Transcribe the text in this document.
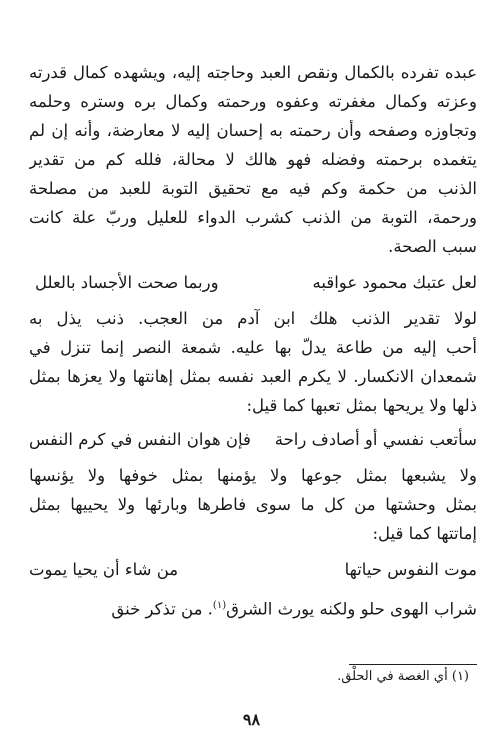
عبده تفرده بالكمال ونقص العبد وحاجته إليه، ويشهده كمال قدرته
وعزته وكمال مغفرته وعفوه ورحمته وكمال بره وستره وحلمه
وتجاوزه وصفحه وأن رحمته به إحسان إليه لا معارضة، وأنه إن لم
يتغمده برحمته وفضله فهو هالك لا محالة، فلله كم من تقدير
الذنب من حكمة وكم فيه مع تحقيق التوبة للعبد من مصلحة
ورحمة، التوبة من الذنب كشرب الدواء للعليل وربّ علة كانت
سبب الصحة.
لعل عتبك محمود عواقبه
وربما صحت الأجساد بالعلل
لولا تقدير الذنب هلك ابن آدم من العجب. ذنب يذل به
أحب إليه من طاعة يدلّ بها عليه. شمعة النصر إنما تنزل في
شمعدان الانكسار. لا يكرم العبد نفسه بمثل إهانتها ولا يعزها بمثل
ذلها ولا يريحها بمثل تعبها كما قيل:
سأتعب نفسي أو أصادف راحة
فإن هوان النفس في كرم النفس
ولا يشبعها بمثل جوعها ولا يؤمنها بمثل خوفها ولا يؤنسها
بمثل وحشتها من كل ما سوى فاطرها وبارئها ولا يحييها بمثل
إماتتها كما قيل:
موت النفوس حياتها
من شاء أن يحيا يموت
شراب الهوى حلو ولكنه يورث الشرق$^{(١)}$. من تذكر خنق
(١) أي الغصة في الحلْق.
٩٨
